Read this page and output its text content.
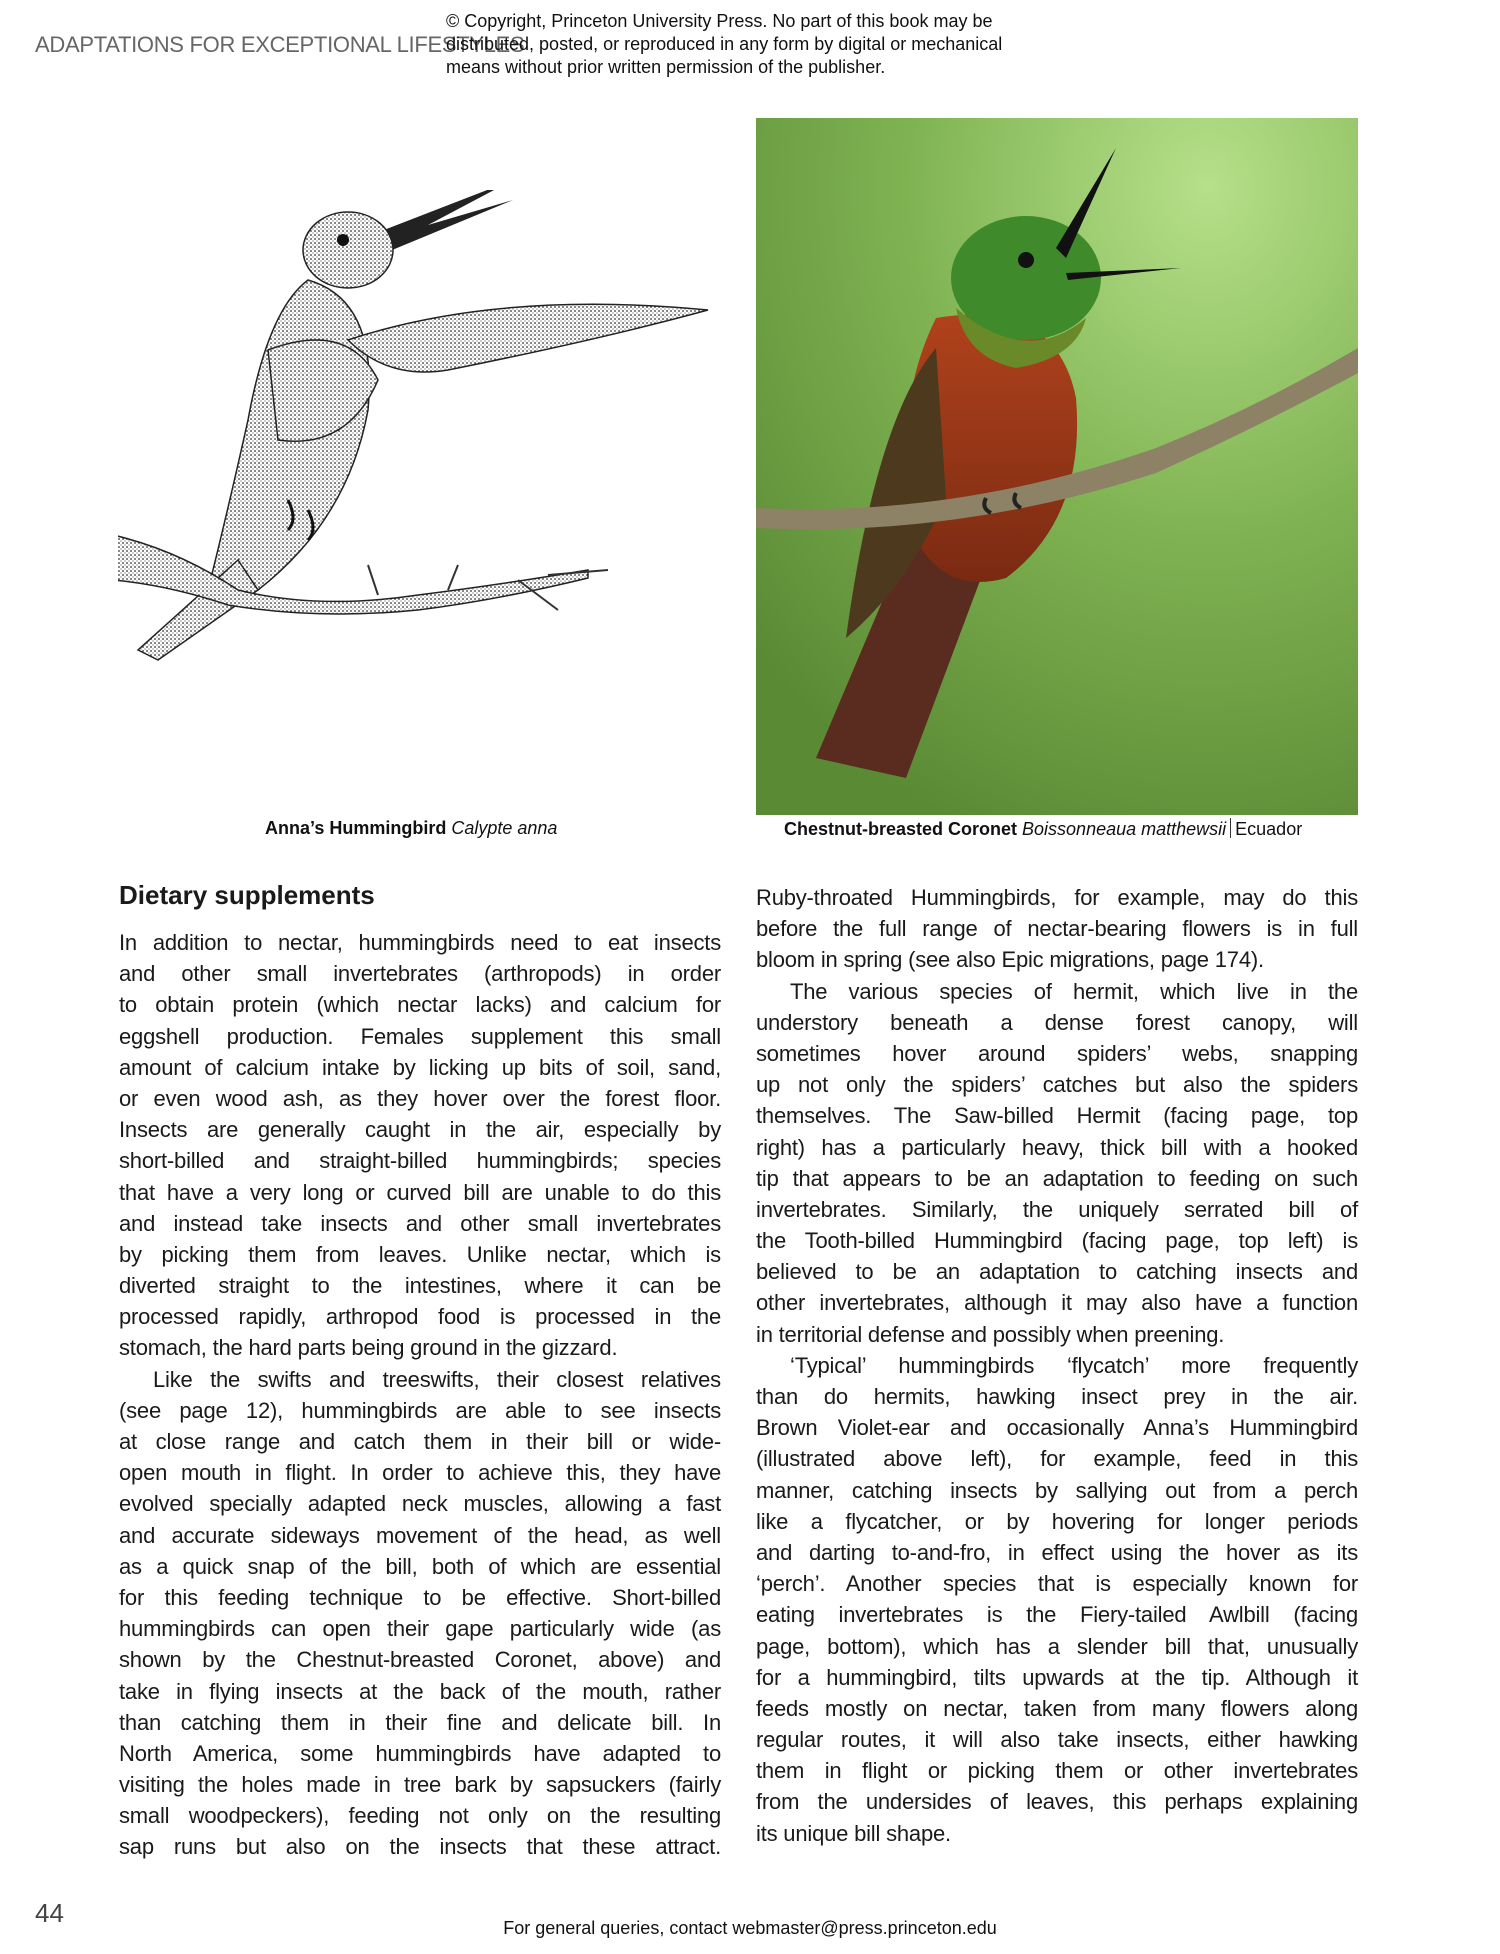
ADAPTATIONS FOR EXCEPTIONAL LIFESTYLES
© Copyright, Princeton University Press. No part of this book may be
distributed, posted, or reproduced in any form by digital or mechanical
means without prior written permission of the publisher.
Anna’s Hummingbird Calypte anna	Chestnut-breasted Coronet Boissonneaua matthewsii Ecuador
Dietary supplements
In addition to nectar, hummingbirds need to eat insects
and other small invertebrates (arthropods) in order
to obtain protein (which nectar lacks) and calcium for
eggshell production. Females supplement this small
amount of calcium intake by licking up bits of soil, sand,
or even wood ash, as they hover over the forest floor.
Insects are generally caught in the air, especially by
short-billed and straight-billed hummingbirds; species
that have a very long or curved bill are unable to do this
and instead take insects and other small invertebrates
by picking them from leaves. Unlike nectar, which is
diverted straight to the intestines, where it can be
processed rapidly, arthropod food is processed in the
stomach, the hard parts being ground in the gizzard.
Like the swifts and treeswifts, their closest relatives
(see page 12), hummingbirds are able to see insects
at close range and catch them in their bill or wide-
open mouth in flight. In order to achieve this, they have
evolved specially adapted neck muscles, allowing a fast
and accurate sideways movement of the head, as well
as a quick snap of the bill, both of which are essential
for this feeding technique to be effective. Short-billed
hummingbirds can open their gape particularly wide (as
shown by the Chestnut-breasted Coronet, above) and
take in flying insects at the back of the mouth, rather
than catching them in their fine and delicate bill. In
North America, some hummingbirds have adapted to
visiting the holes made in tree bark by sapsuckers (fairly
small woodpeckers), feeding not only on the resulting
sap runs but also on the insects that these attract.
Ruby-throated Hummingbirds, for example, may do this
before the full range of nectar-bearing flowers is in full
bloom in spring (see also Epic migrations, page 174).
The various species of hermit, which live in the
understory beneath a dense forest canopy, will
sometimes hover around spiders’ webs, snapping
up not only the spiders’ catches but also the spiders
themselves. The Saw-billed Hermit (facing page, top
right) has a particularly heavy, thick bill with a hooked
tip that appears to be an adaptation to feeding on such
invertebrates. Similarly, the uniquely serrated bill of
the Tooth-billed Hummingbird (facing page, top left) is
believed to be an adaptation to catching insects and
other invertebrates, although it may also have a function
in territorial defense and possibly when preening.
‘Typical’ hummingbirds ‘flycatch’ more frequently
than do hermits, hawking insect prey in the air.
Brown Violet-ear and occasionally Anna’s Hummingbird
(illustrated above left), for example, feed in this
manner, catching insects by sallying out from a perch
like a flycatcher, or by hovering for longer periods
and darting to-and-fro, in effect using the hover as its
‘perch’. Another species that is especially known for
eating invertebrates is the Fiery-tailed Awlbill (facing
page, bottom), which has a slender bill that, unusually
for a hummingbird, tilts upwards at the tip. Although it
feeds mostly on nectar, taken from many flowers along
regular routes, it will also take insects, either hawking
them in flight or picking them or other invertebrates
from the undersides of leaves, this perhaps explaining
its unique bill shape.
44	For general queries, contact webmaster@press.princeton.edu
